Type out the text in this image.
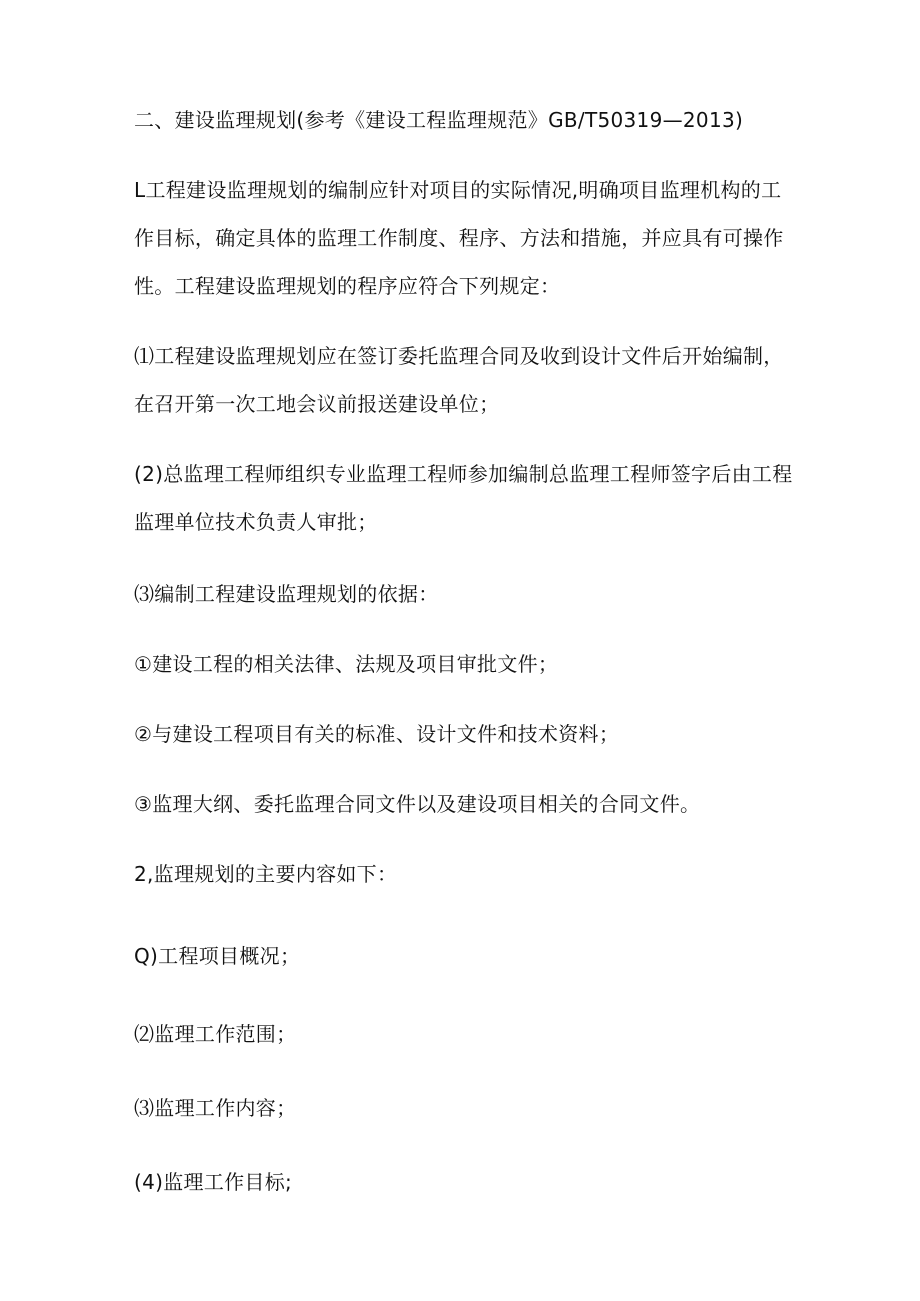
二、建设监理规划(参考《建设工程监理规范》GB/T50319—2013)
L工程建设监理规划的编制应针对项目的实际情况,明确项目监理机构的工
作目标，确定具体的监理工作制度、程序、方法和措施，并应具有可操作
性。工程建设监理规划的程序应符合下列规定：
⑴工程建设监理规划应在签订委托监理合同及收到设计文件后开始编制，
在召开第一次工地会议前报送建设单位；
(2)总监理工程师组织专业监理工程师参加编制总监理工程师签字后由工程
监理单位技术负责人审批；
⑶编制工程建设监理规划的依据：
①建设工程的相关法律、法规及项目审批文件；
②与建设工程项目有关的标准、设计文件和技术资料；
③监理大纲、委托监理合同文件以及建设项目相关的合同文件。
2,监理规划的主要内容如下：
Q)工程项目概况；
⑵监理工作范围；
⑶监理工作内容；
(4)监理工作目标;
